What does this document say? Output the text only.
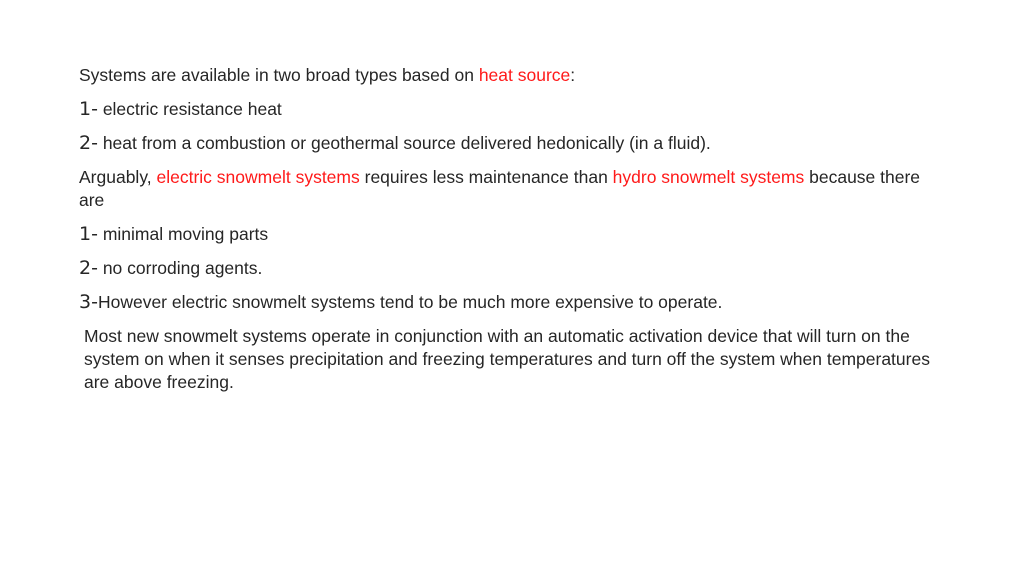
Systems are available in two broad types based on heat source:

1- electric resistance heat

2- heat from a combustion or geothermal source delivered hedonically (in a fluid).

Arguably, electric snowmelt systems requires less maintenance than hydro snowmelt systems because there are

1- minimal moving parts

2- no corroding agents.

3-However electric snowmelt systems tend to be much more expensive to operate.

Most new snowmelt systems operate in conjunction with an automatic activation device that will turn on the system on when it senses precipitation and freezing temperatures and turn off the system when temperatures are above freezing.
